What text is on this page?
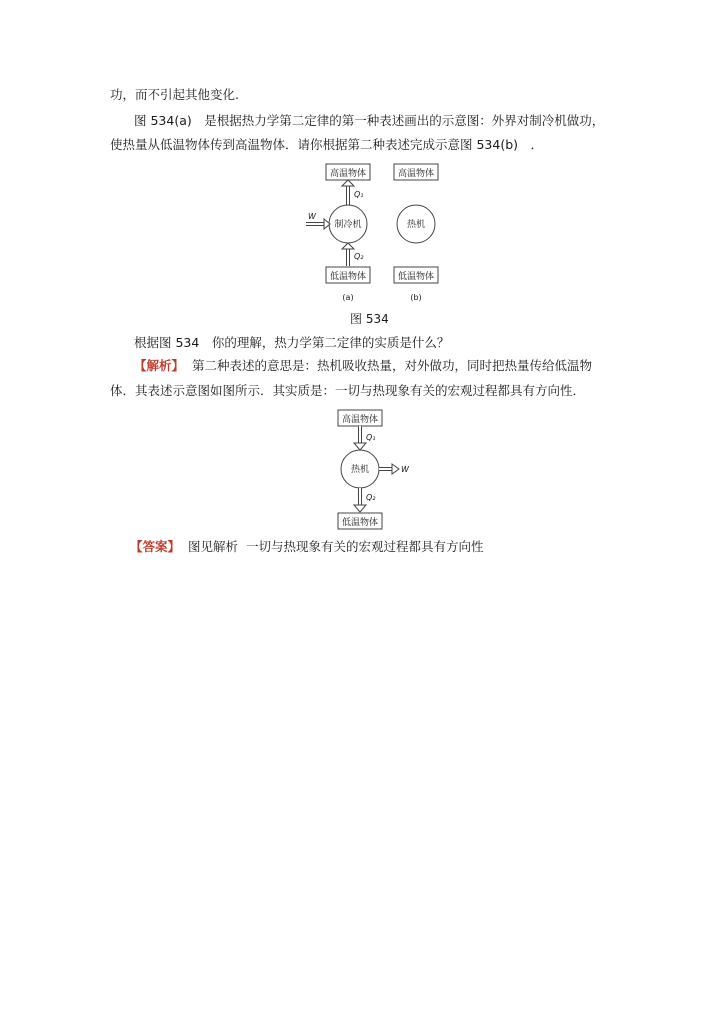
功，而不引起其他变化.
图 534(a)　是根据热力学第二定律的第一种表述画出的示意图：外界对制冷机做功，
使热量从低温物体传到高温物体．请你根据第二种表述完成示意图 534(b)　．
高温物体
Q₁
制冷机
W
Q₂
低温物体
(a)
高温物体
热机
低温物体
(b)
图 534
根据图 534　你的理解，热力学第二定律的实质是什么？
【解析】 第二种表述的意思是：热机吸收热量，对外做功，同时把热量传给低温物
体．其表述示意图如图所示．其实质是：一切与热现象有关的宏观过程都具有方向性．
高温物体
Q₁
热机	W
Q₂
低温物体
【答案】 图见解析 一切与热现象有关的宏观过程都具有方向性
